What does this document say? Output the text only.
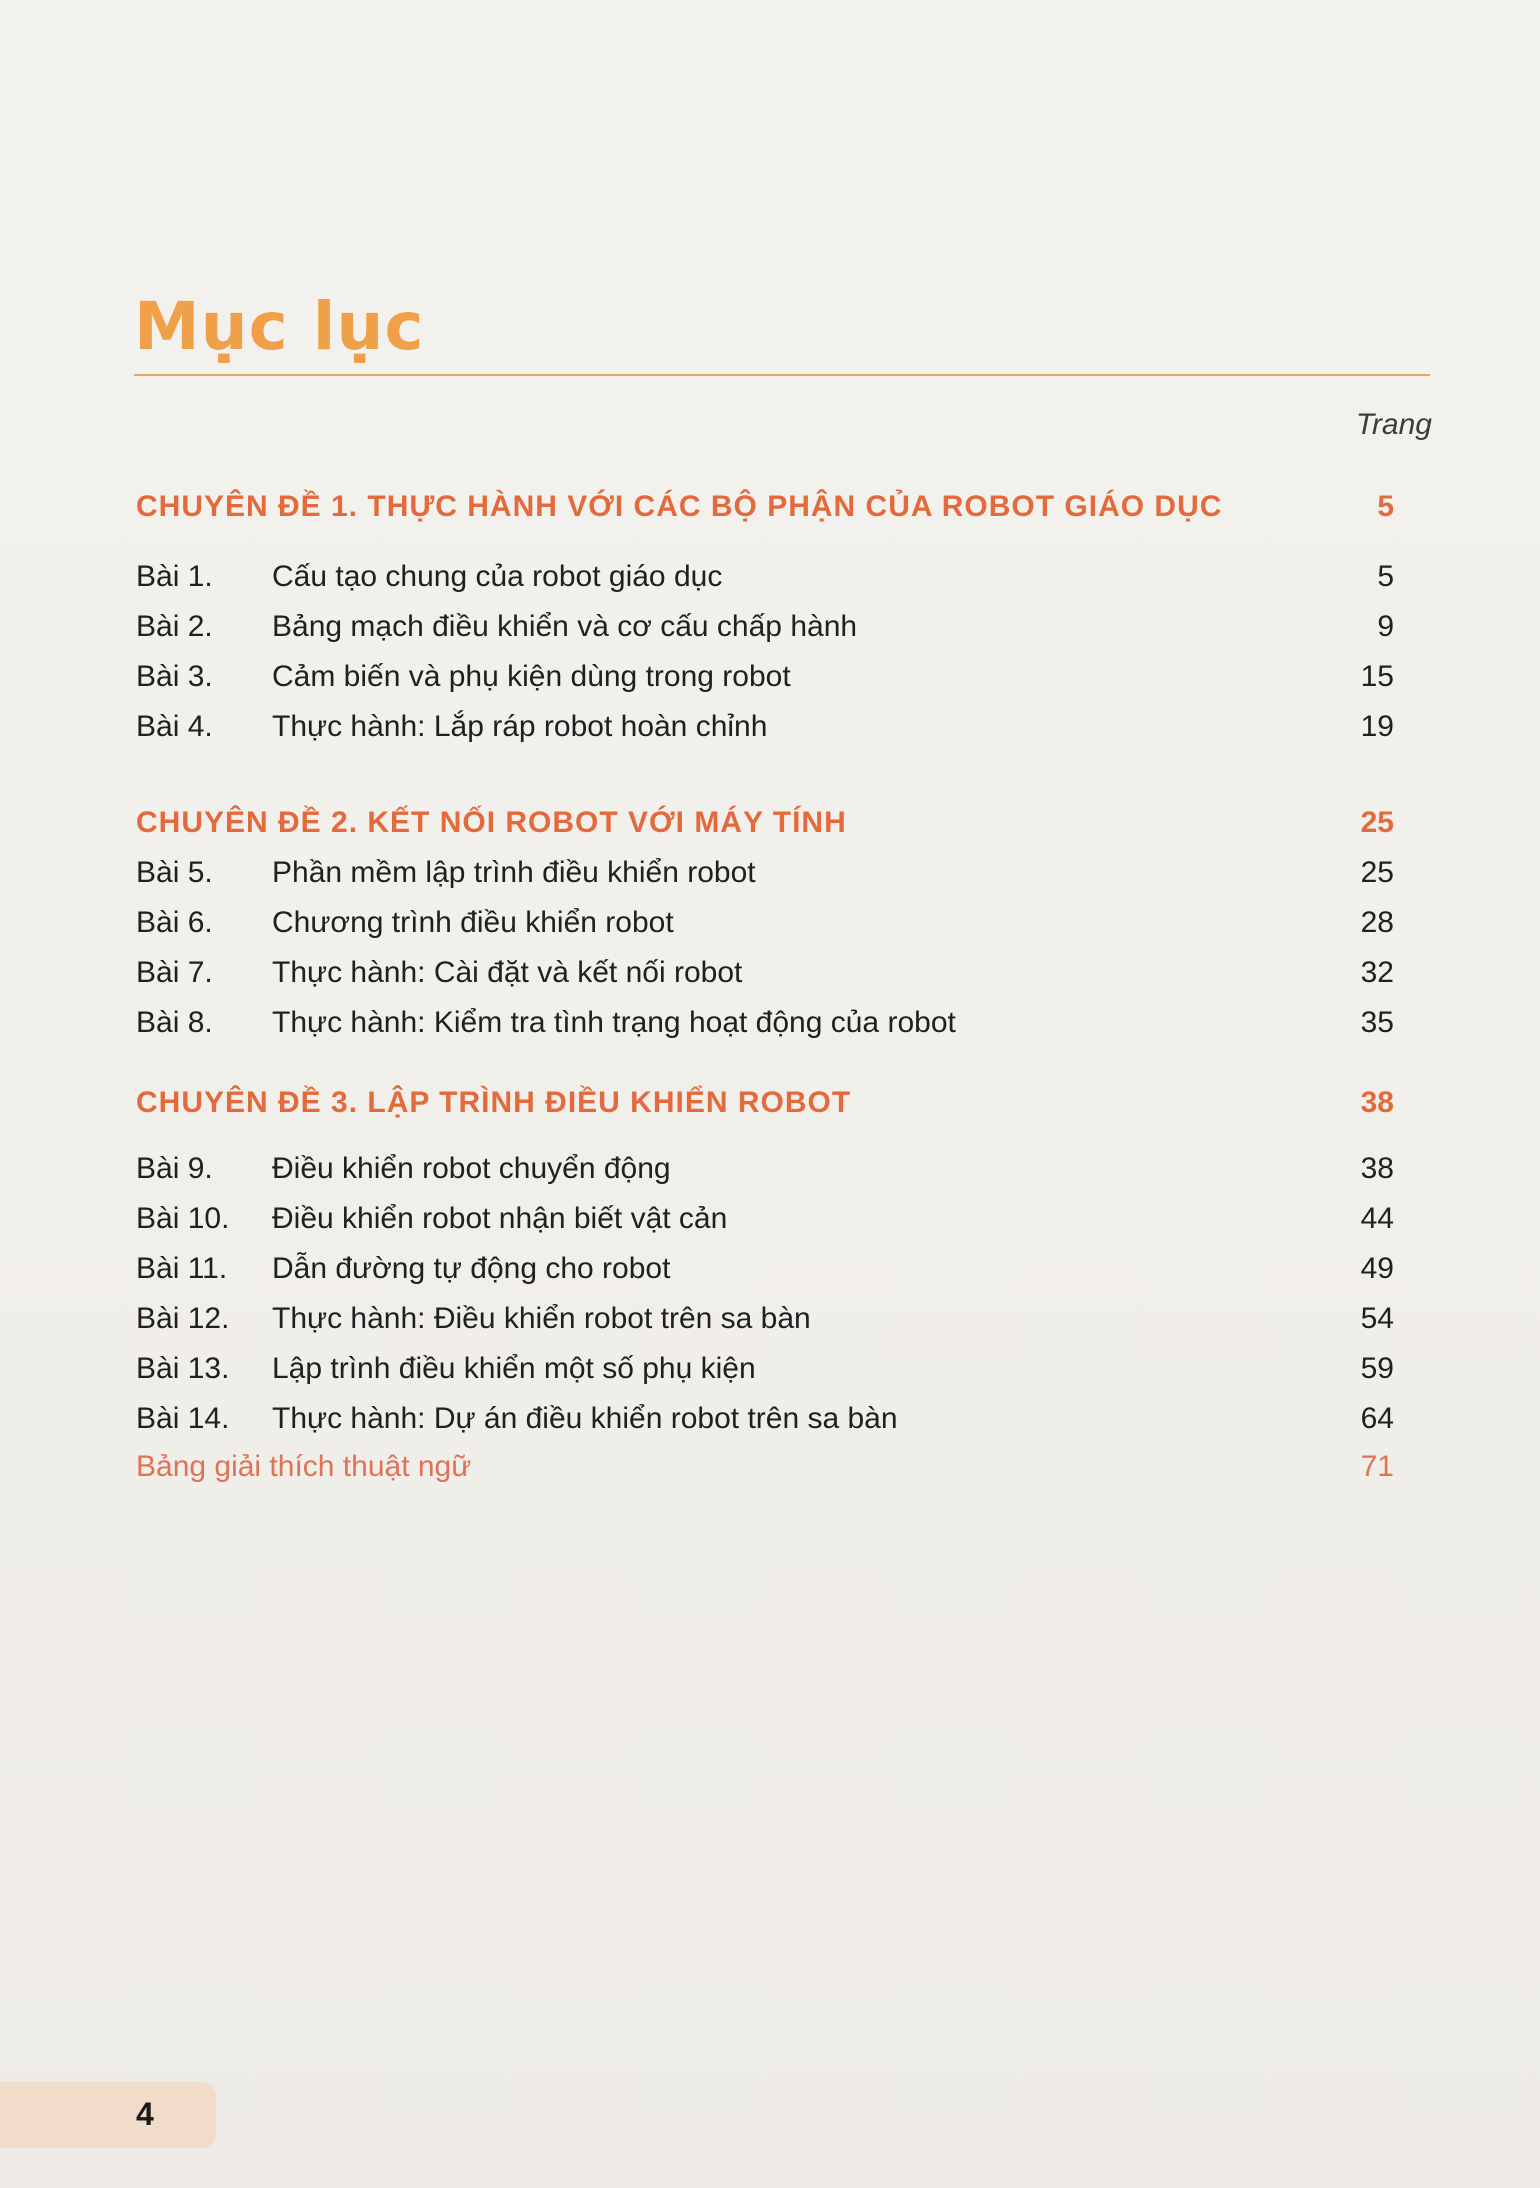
Mục lục
Trang
CHUYÊN ĐỀ 1. THỰC HÀNH VỚI CÁC BỘ PHẬN CỦA ROBOT GIÁO DỤC	5
Bài 1.	Cấu tạo chung của robot giáo dục	5
Bài 2.	Bảng mạch điều khiển và cơ cấu chấp hành	9
Bài 3.	Cảm biến và phụ kiện dùng trong robot	15
Bài 4.	Thực hành: Lắp ráp robot hoàn chỉnh	19
CHUYÊN ĐỀ 2. KẾT NỐI ROBOT VỚI MÁY TÍNH	25
Bài 5.	Phần mềm lập trình điều khiển robot	25
Bài 6.	Chương trình điều khiển robot	28
Bài 7.	Thực hành: Cài đặt và kết nối robot	32
Bài 8.	Thực hành: Kiểm tra tình trạng hoạt động của robot	35
CHUYÊN ĐỀ 3. LẬP TRÌNH ĐIỀU KHIỂN ROBOT	38
Bài 9.	Điều khiển robot chuyển động	38
Bài 10.	Điều khiển robot nhận biết vật cản	44
Bài 11.	Dẫn đường tự động cho robot	49
Bài 12.	Thực hành: Điều khiển robot trên sa bàn	54
Bài 13.	Lập trình điều khiển một số phụ kiện	59
Bài 14.	Thực hành: Dự án điều khiển robot trên sa bàn	64
Bảng giải thích thuật ngữ	71
4
